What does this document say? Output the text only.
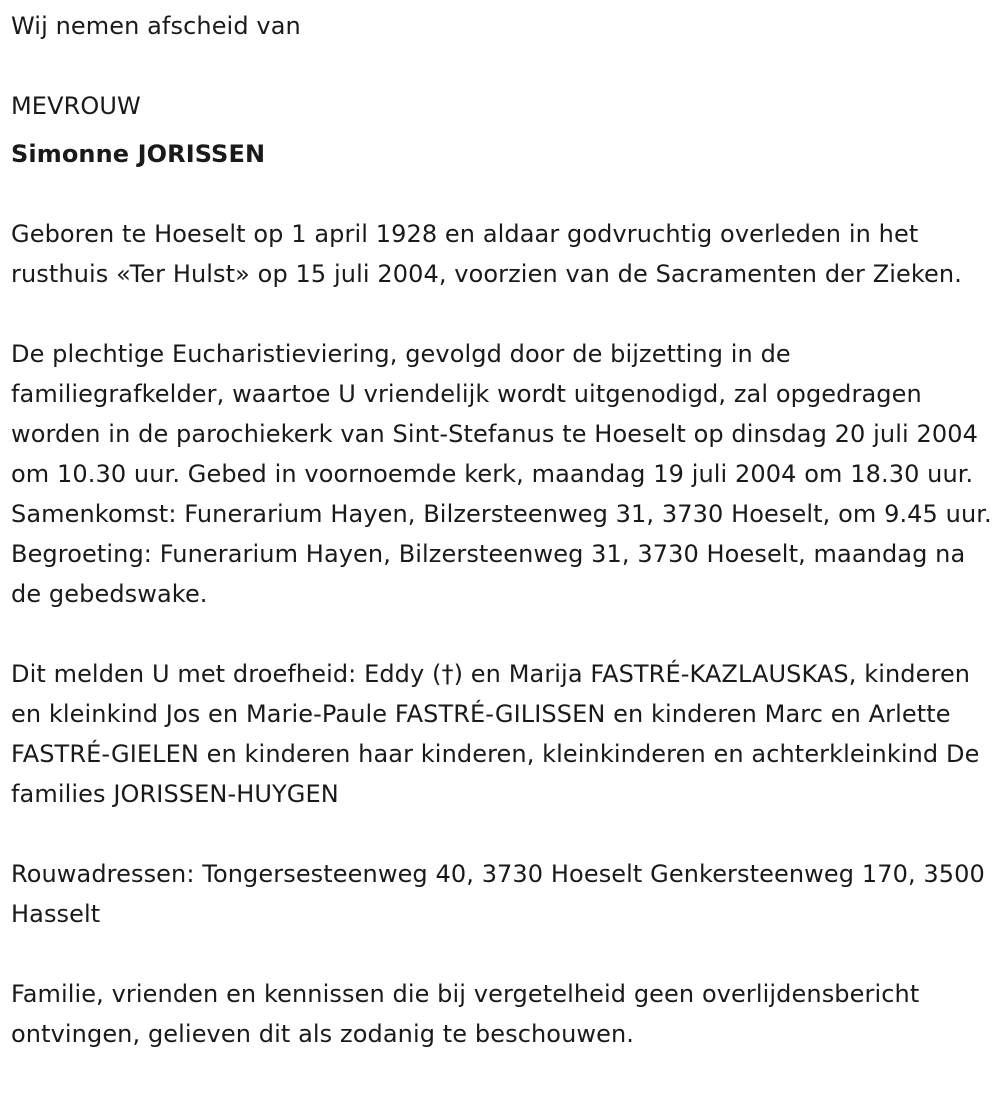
Wij nemen afscheid van

MEVROUW

Simonne JORISSEN

Geboren te Hoeselt op 1 april 1928 en aldaar godvruchtig overleden in het rusthuis «Ter Hulst» op 15 juli 2004, voorzien van de Sacramenten der Zieken.

De plechtige Eucharistieviering, gevolgd door de bijzetting in de familiegrafkelder, waartoe U vriendelijk wordt uitgenodigd, zal opgedragen worden in de parochiekerk van Sint-Stefanus te Hoeselt op dinsdag 20 juli 2004 om 10.30 uur. Gebed in voornoemde kerk, maandag 19 juli 2004 om 18.30 uur. Samenkomst: Funerarium Hayen, Bilzersteenweg 31, 3730 Hoeselt, om 9.45 uur. Begroeting: Funerarium Hayen, Bilzersteenweg 31, 3730 Hoeselt, maandag na de gebedswake.

Dit melden U met droefheid: Eddy (†) en Marija FASTRÉ-KAZLAUSKAS, kinderen en kleinkind Jos en Marie-Paule FASTRÉ-GILISSEN en kinderen Marc en Arlette FASTRÉ-GIELEN en kinderen haar kinderen, kleinkinderen en achterkleinkind De families JORISSEN-HUYGEN

Rouwadressen: Tongersesteenweg 40, 3730 Hoeselt Genkersteenweg 170, 3500 Hasselt

Familie, vrienden en kennissen die bij vergetelheid geen overlijdensbericht ontvingen, gelieven dit als zodanig te beschouwen.
